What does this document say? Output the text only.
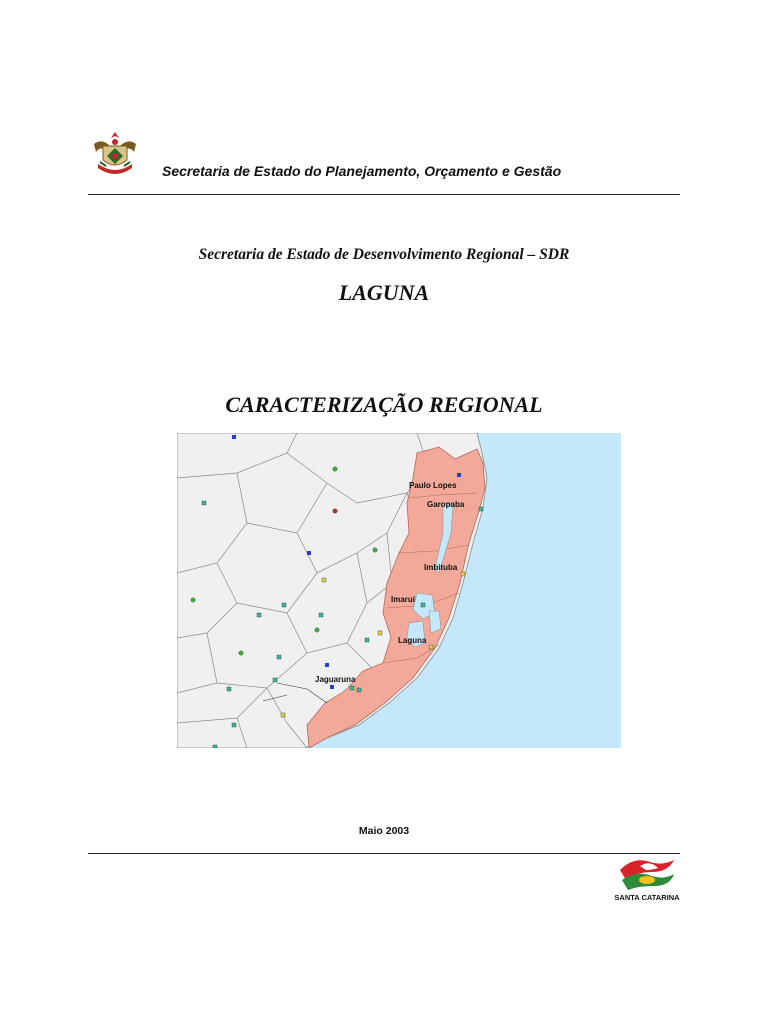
Secretaria de Estado do Planejamento, Orçamento e Gestão
Secretaria de Estado de Desenvolvimento Regional – SDR
LAGUNA
CARACTERIZAÇÃO REGIONAL
Paulo Lopes
Garopaba
Imbituba
Imaruí
Laguna
Jaguaruna
Maio 2003
SANTA CATARINA
